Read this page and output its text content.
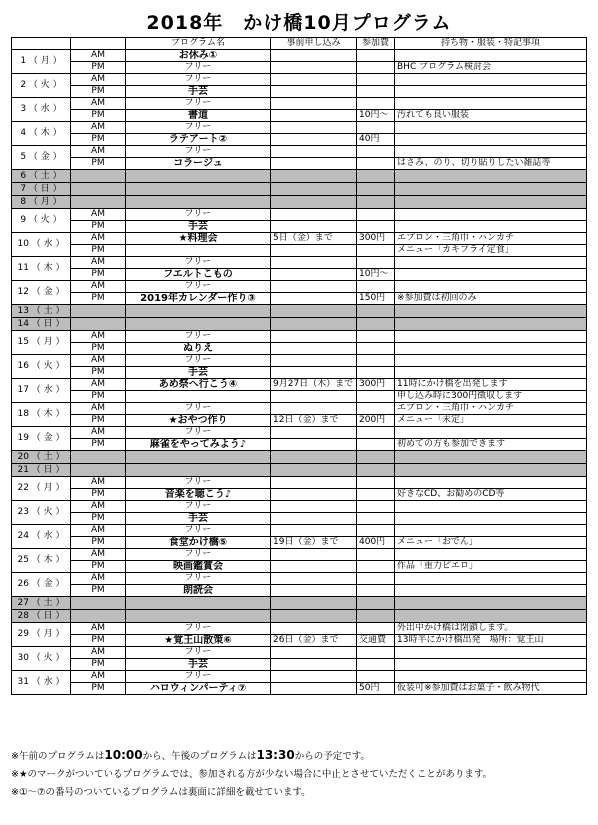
2018年　かけ橋10月プログラム
		プログラム名	事前申し込み	参加費	持ち物・服装・特記事項
1 （ 月 ）	AM	お休み①			
	PM	フリー			BHC プログラム検討会
2 （ 火 ）	AM	フリー			
	PM	手芸			
3 （ 水 ）	AM	フリー			
	PM	書道		10円～	汚れても良い服装
4 （ 木 ）	AM	フリー			
	PM	ラテアート②		40円	
5 （ 金 ）	AM	フリー			
	PM	コラージュ			はさみ、のり、切り貼りしたい雑誌等
6 （ 土 ）					
7 （ 日 ）					
8 （ 月 ）					
9 （ 火 ）	AM	フリー			
	PM	手芸			
10 （ 水 ）	AM	★料理会	5日（金）まで	300円	エプロン・三角巾・ハンカチ
	PM				メニュー「カキフライ定食」
11 （ 木 ）	AM	フリー			
	PM	フエルトこもの		10円～	
12 （ 金 ）	AM	フリー			
	PM	2019年カレンダー作り③		150円	※参加費は初回のみ
13 （ 土 ）					
14 （ 日 ）					
15 （ 月 ）	AM	フリー			
	PM	ぬりえ			
16 （ 火 ）	AM	フリー			
	PM	手芸			
17 （ 水 ）	AM	あめ祭へ行こう④	9月27日（木）まで	300円	11時にかけ橋を出発します
	PM				申し込み時に300円徴収します
18 （ 木 ）	AM	フリー			エプロン・三角巾・ハンカチ
	PM	★おやつ作り	12日（金）まで	200円	メニュー「未定」
19 （ 金 ）	AM	フリー			
	PM	麻雀をやってみよう♪			初めての方も参加できます
20 （ 土 ）					
21 （ 日 ）					
22 （ 月 ）	AM	フリー			
	PM	音楽を聴こう♪			好きなCD、お勧めのCD等
23 （ 火 ）	AM	フリー			
	PM	手芸			
24 （ 水 ）	AM	フリー			
	PM	食堂かけ橋⑤	19日（金）まで	400円	メニュー「おでん」
25 （ 木 ）	AM	フリー			
	PM	映画鑑賞会			作品「重力ピエロ」
26 （ 金 ）	AM	フリー			
	PM	朗読会			
27 （ 土 ）					
28 （ 日 ）					
29 （ 月 ）	AM	フリー			外出中かけ橋は閉鎖します。
	PM	★覚王山散策⑥	26日（金）まで	交通費	13時半にかけ橋出発　場所：覚王山
30 （ 火 ）	AM	フリー			
	PM	手芸			
31 （ 水 ）	AM	フリー			
	PM	ハロウィンパーティ⑦		50円	仮装可※参加費はお菓子・飲み物代
※午前のプログラムは10:00から、午後のプログラムは13:30からの予定です。
※★のマークがついているプログラムでは、参加される方が少ない場合に中止とさせていただくことがあります。
※①～⑦の番号のついているプログラムは裏面に詳細を載せています。
